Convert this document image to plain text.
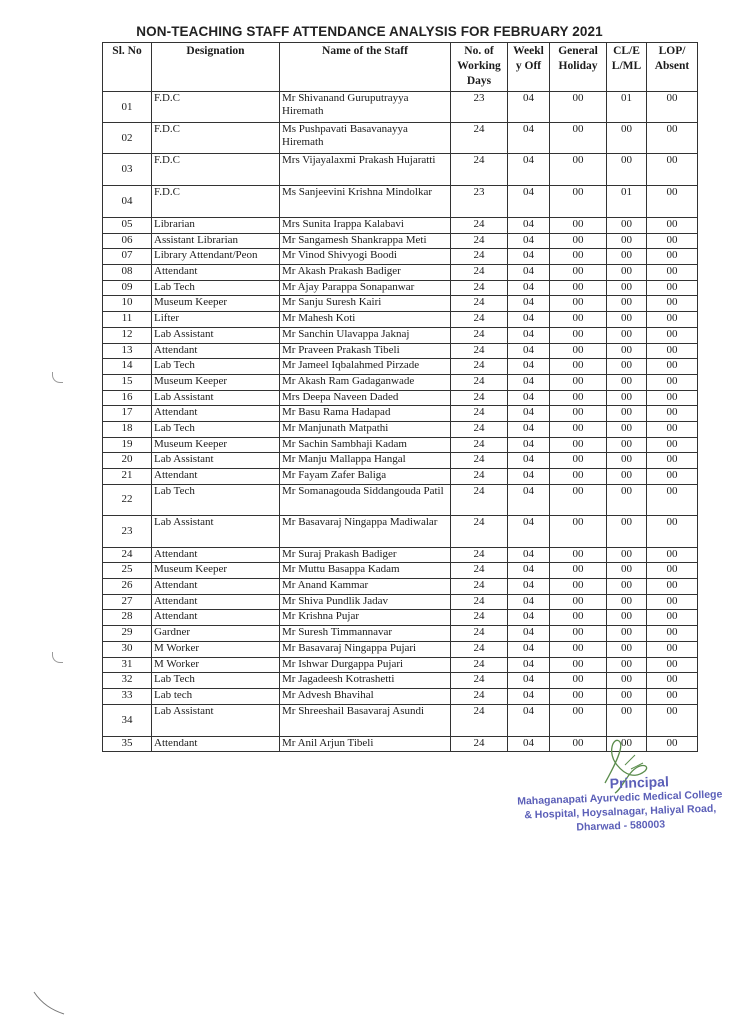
NON-TEACHING STAFF ATTENDANCE ANALYSIS FOR FEBRUARY 2021
Sl. No	Designation	Name of the Staff	No. of Working Days	Weekl y Off	General Holiday	CL/E L/ML	LOP/ Absent
01	F.D.C	Mr Shivanand Guruputrayya Hiremath	23	04	00	01	00
02	F.D.C	Ms Pushpavati Basavanayya Hiremath	24	04	00	00	00
03	F.D.C	Mrs Vijayalaxmi Prakash Hujaratti	24	04	00	00	00
04	F.D.C	Ms Sanjeevini Krishna Mindolkar	23	04	00	01	00
05	Librarian	Mrs Sunita Irappa Kalabavi	24	04	00	00	00
06	Assistant Librarian	Mr Sangamesh Shankrappa Meti	24	04	00	00	00
07	Library Attendant/Peon	Mr Vinod Shivyogi Boodi	24	04	00	00	00
08	Attendant	Mr Akash Prakash Badiger	24	04	00	00	00
09	Lab Tech	Mr Ajay Parappa Sonapanwar	24	04	00	00	00
10	Museum Keeper	Mr Sanju Suresh Kairi	24	04	00	00	00
11	Lifter	Mr Mahesh Koti	24	04	00	00	00
12	Lab Assistant	Mr Sanchin Ulavappa Jaknaj	24	04	00	00	00
13	Attendant	Mr Praveen Prakash Tibeli	24	04	00	00	00
14	Lab Tech	Mr Jameel Iqbalahmed Pirzade	24	04	00	00	00
15	Museum Keeper	Mr Akash Ram Gadaganwade	24	04	00	00	00
16	Lab Assistant	Mrs Deepa Naveen Daded	24	04	00	00	00
17	Attendant	Mr Basu Rama Hadapad	24	04	00	00	00
18	Lab Tech	Mr Manjunath Matpathi	24	04	00	00	00
19	Museum Keeper	Mr Sachin Sambhaji Kadam	24	04	00	00	00
20	Lab Assistant	Mr Manju Mallappa Hangal	24	04	00	00	00
21	Attendant	Mr Fayam Zafer Baliga	24	04	00	00	00
22	Lab Tech	Mr Somanagouda Siddangouda Patil	24	04	00	00	00
23	Lab Assistant	Mr Basavaraj Ningappa Madiwalar	24	04	00	00	00
24	Attendant	Mr Suraj Prakash Badiger	24	04	00	00	00
25	Museum Keeper	Mr Muttu Basappa Kadam	24	04	00	00	00
26	Attendant	Mr Anand Kammar	24	04	00	00	00
27	Attendant	Mr Shiva Pundlik Jadav	24	04	00	00	00
28	Attendant	Mr Krishna Pujar	24	04	00	00	00
29	Gardner	Mr Suresh Timmannavar	24	04	00	00	00
30	M Worker	Mr Basavaraj Ningappa Pujari	24	04	00	00	00
31	M Worker	Mr Ishwar Durgappa Pujari	24	04	00	00	00
32	Lab Tech	Mr Jagadeesh Kotrashetti	24	04	00	00	00
33	Lab tech	Mr Advesh Bhavihal	24	04	00	00	00
34	Lab Assistant	Mr Shreeshail Basavaraj Asundi	24	04	00	00	00
35	Attendant	Mr Anil Arjun Tibeli	24	04	00	00	00
Principal
Mahaganapati Ayurvedic Medical College
& Hospital, Hoysalnagar, Haliyal Road,
Dharwad - 580003
